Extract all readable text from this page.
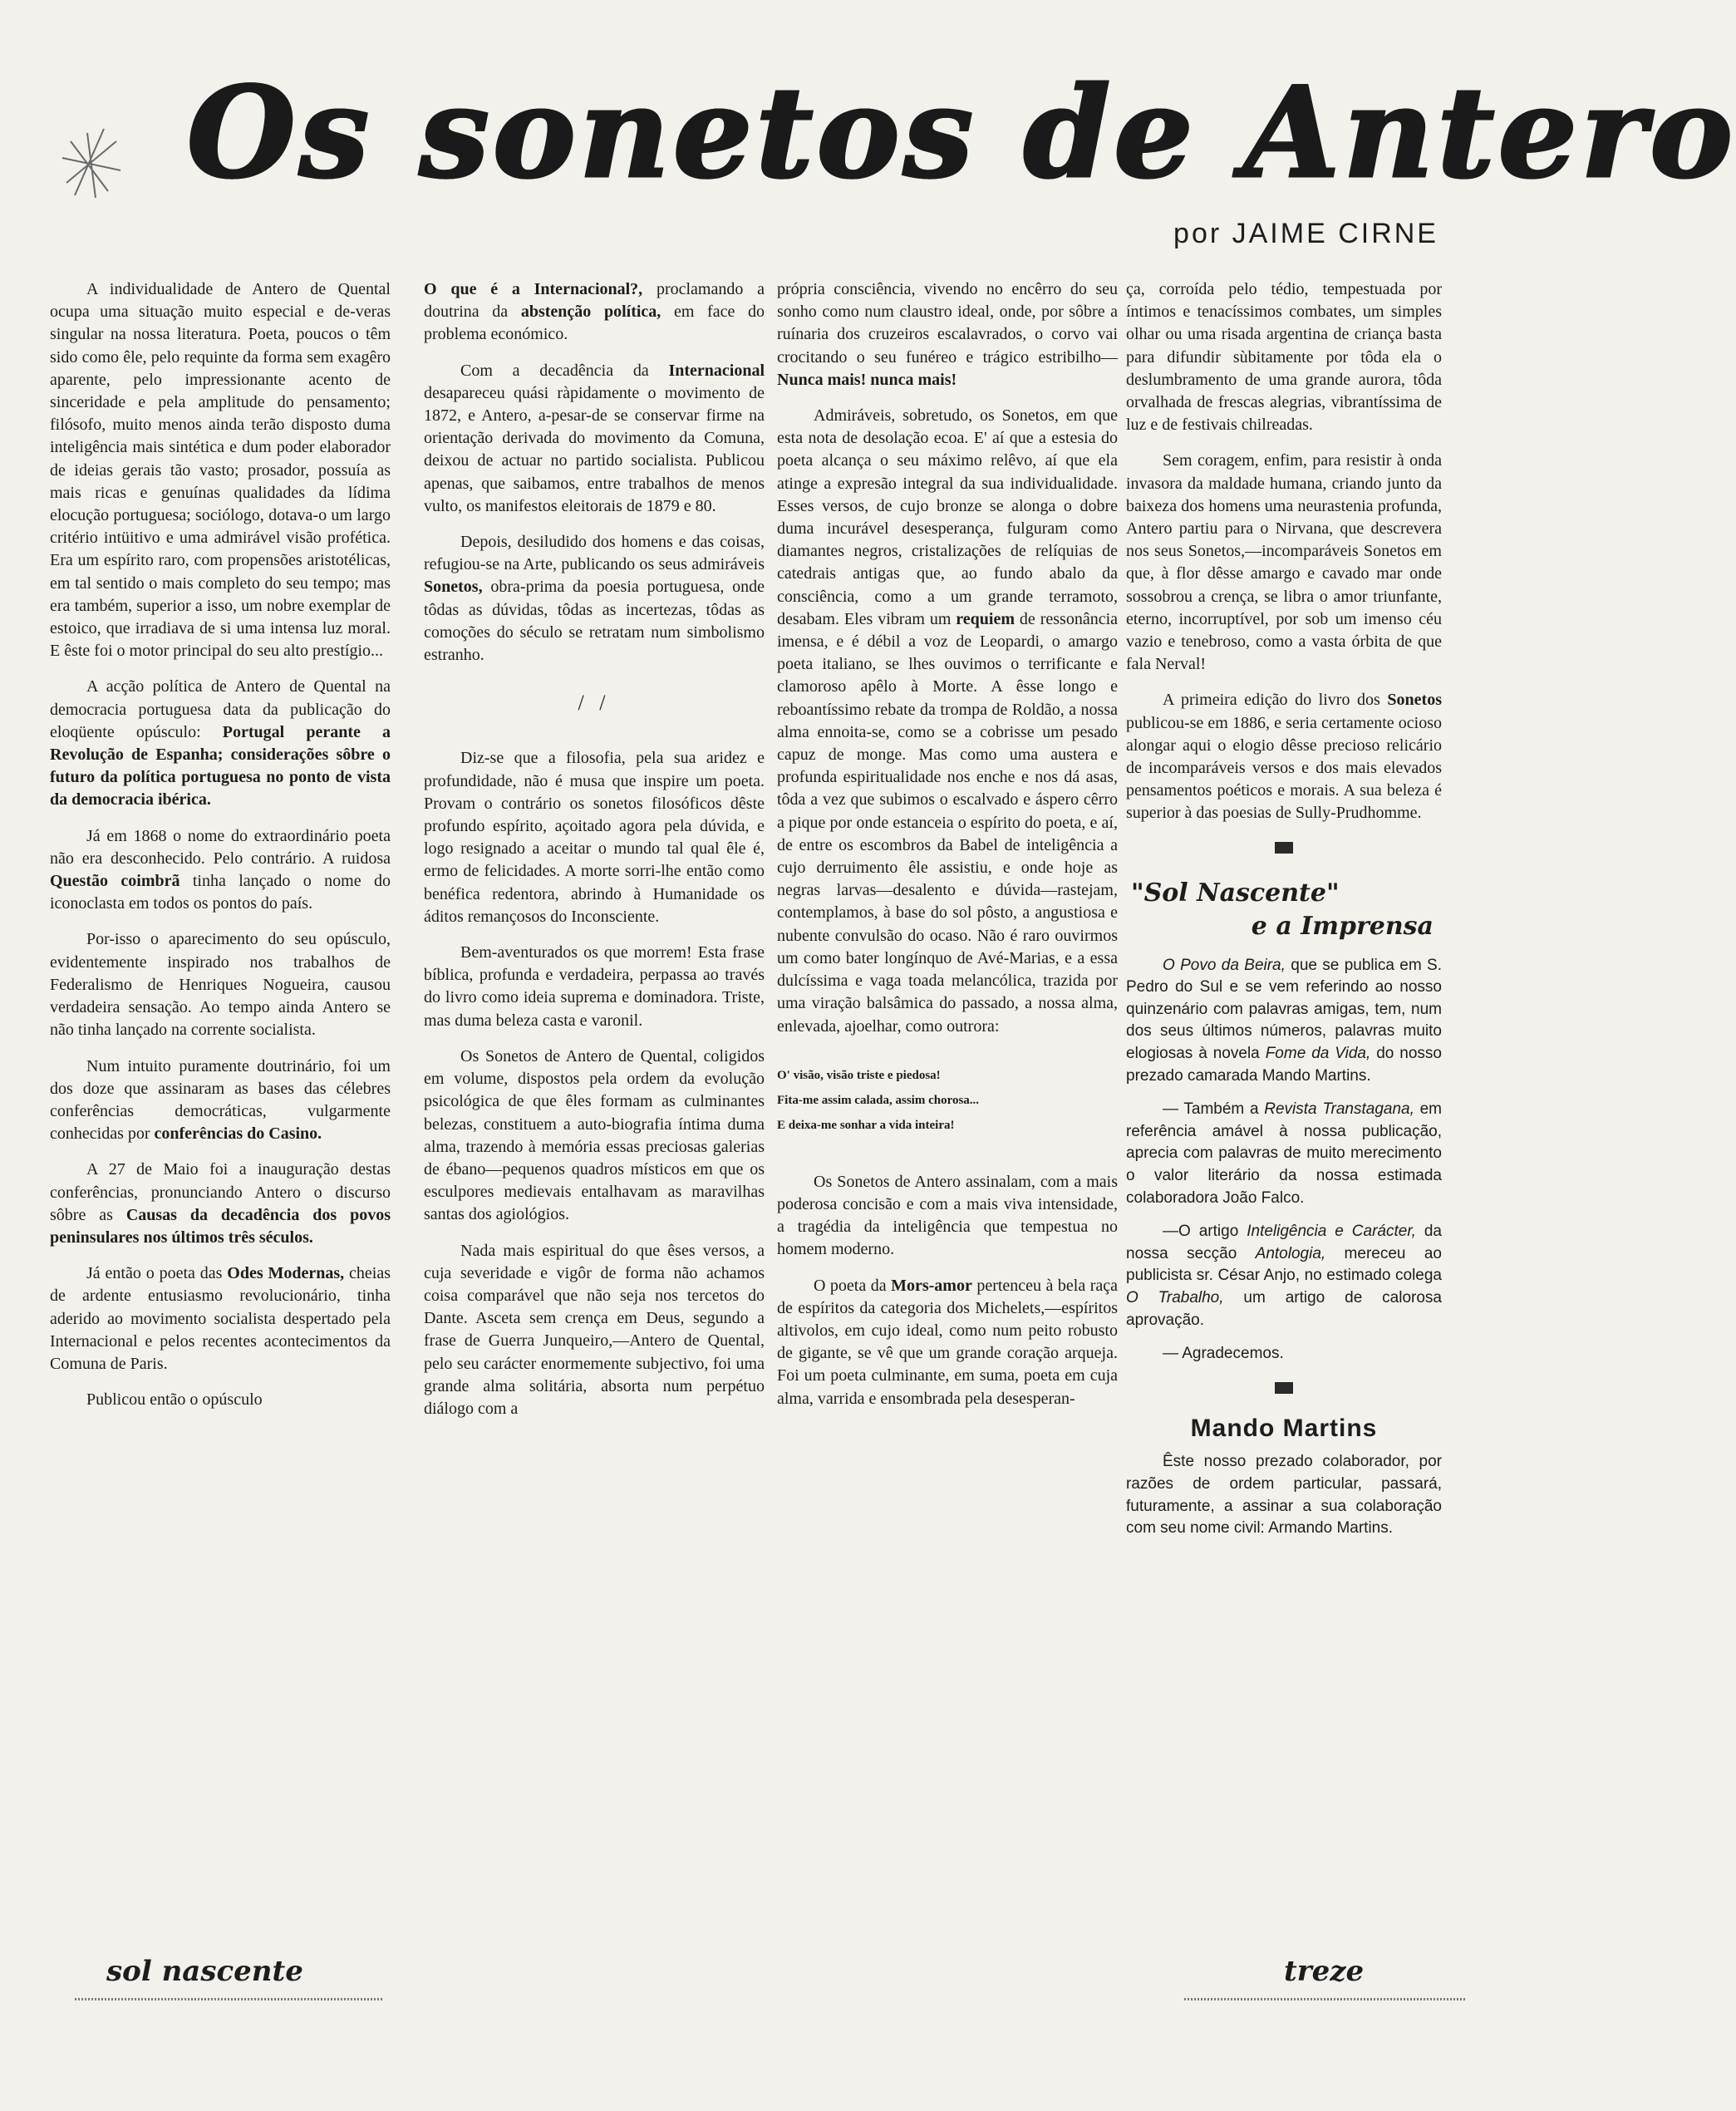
Os sonetos de Antero
por JAIME CIRNE

A individualidade de Antero de Quental ocupa uma situação muito especial e de-veras singular na nossa literatura. Poeta, poucos o têm sido como êle, pelo requinte da forma sem exagêro aparente, pelo impressionante acento de sinceridade e pela amplitude do pensamento; filósofo, muito menos ainda terão disposto duma inteligência mais sintética e dum poder elaborador de ideias gerais tão vasto; prosador, possuía as mais ricas e genuínas qualidades da lídima elocução portuguesa; sociólogo, dotava-o um largo critério intüitivo e uma admirável visão profética. Era um espírito raro, com propensões aristotélicas, em tal sentido o mais completo do seu tempo; mas era também, superior a isso, um nobre exemplar de estoico, que irradiava de si uma intensa luz moral. E êste foi o motor principal do seu alto prestígio...

A acção política de Antero de Quental na democracia portuguesa data da publicação do eloqüente opúsculo: Portugal perante a Revolução de Espanha; considerações sôbre o futuro da política portuguesa no ponto de vista da democracia ibérica.

Já em 1868 o nome do extraordinário poeta não era desconhecido. Pelo contrário. A ruidosa Questão coimbrã tinha lançado o nome do iconoclasta em todos os pontos do país.

Por-isso o aparecimento do seu opúsculo, evidentemente inspirado nos trabalhos de Federalismo de Henriques Nogueira, causou verdadeira sensação. Ao tempo ainda Antero se não tinha lançado na corrente socialista.

Num intuito puramente doutrinário, foi um dos doze que assinaram as bases das célebres conferências democráticas, vulgarmente conhecidas por conferências do Casino.

A 27 de Maio foi a inauguração destas conferências, pronunciando Antero o discurso sôbre as Causas da decadência dos povos peninsulares nos últimos três séculos.

Já então o poeta das Odes Modernas, cheias de ardente entusiasmo revolucionário, tinha aderido ao movimento socialista despertado pela Internacional e pelos recentes acontecimentos da Comuna de Paris.

Publicou então o opúsculo

O que é a Internacional?, proclamando a doutrina da abstenção política, em face do problema económico.

Com a decadência da Internacional desapareceu quási ràpidamente o movimento de 1872, e Antero, a-pesar-de se conservar firme na orientação derivada do movimento da Comuna, deixou de actuar no partido socialista. Publicou apenas, que saibamos, entre trabalhos de menos vulto, os manifestos eleitorais de 1879 e 80.

Depois, desiludido dos homens e das coisas, refugiou-se na Arte, publicando os seus admiráveis Sonetos, obra-prima da poesia portuguesa, onde tôdas as dúvidas, tôdas as incertezas, tôdas as comoções do século se retratam num simbolismo estranho.

/ /

Diz-se que a filosofia, pela sua aridez e profundidade, não é musa que inspire um poeta. Provam o contrário os sonetos filosóficos dêste profundo espírito, açoitado agora pela dúvida, e logo resignado a aceitar o mundo tal qual êle é, ermo de felicidades. A morte sorri-lhe então como benéfica redentora, abrindo à Humanidade os áditos remançosos do Inconsciente.

Bem-aventurados os que morrem! Esta frase bíblica, profunda e verdadeira, perpassa ao través do livro como ideia suprema e dominadora. Triste, mas duma beleza casta e varonil.

Os Sonetos de Antero de Quental, coligidos em volume, dispostos pela ordem da evolução psicológica de que êles formam as culminantes belezas, constituem a auto-biografia íntima duma alma, trazendo à memória essas preciosas galerias de ébano—pequenos quadros místicos em que os esculpores medievais entalhavam as maravilhas santas dos agiológios.

Nada mais espiritual do que êses versos, a cuja severidade e vigôr de forma não achamos coisa comparável que não seja nos tercetos do Dante. Asceta sem crença em Deus, segundo a frase de Guerra Junqueiro,—Antero de Quental, pelo seu carácter enormemente subjectivo, foi uma grande alma solitária, absorta num perpétuo diálogo com a

própria consciência, vivendo no encêrro do seu sonho como num claustro ideal, onde, por sôbre a ruínaria dos cruzeiros escalavrados, o corvo vai crocitando o seu funéreo e trágico estribilho—Nunca mais! nunca mais!

Admiráveis, sobretudo, os Sonetos, em que esta nota de desolação ecoa. E' aí que a estesia do poeta alcança o seu máximo relêvo, aí que ela atinge a expresão integral da sua individualidade. Esses versos, de cujo bronze se alonga o dobre duma incurável desesperança, fulguram como diamantes negros, cristalizações de relíquias de catedrais antigas que, ao fundo abalo da consciência, como a um grande terramoto, desabam. Eles vibram um requiem de ressonância imensa, e é débil a voz de Leopardi, o amargo poeta italiano, se lhes ouvimos o terrificante e clamoroso apêlo à Morte. A êsse longo e reboantíssimo rebate da trompa de Roldão, a nossa alma ennoita-se, como se a cobrisse um pesado capuz de monge. Mas como uma austera e profunda espiritualidade nos enche e nos dá asas, tôda a vez que subimos o escalvado e áspero cêrro a pique por onde estanceia o espírito do poeta, e aí, de entre os escombros da Babel de inteligência a cujo derruimento êle assistiu, e onde hoje as negras larvas—desalento e dúvida—rastejam, contemplamos, à base do sol pôsto, a angustiosa e nubente convulsão do ocaso. Não é raro ouvirmos um como bater longínquo de Avé-Marias, e a essa dulcíssima e vaga toada melancólica, trazida por uma viração balsâmica do passado, a nossa alma, enlevada, ajoelhar, como outrora:

O' visão, visão triste e piedosa!
Fita-me assim calada, assim chorosa...
E deixa-me sonhar a vida inteira!

Os Sonetos de Antero assinalam, com a mais poderosa concisão e com a mais viva intensidade, a tragédia da inteligência que tempestua no homem moderno.

O poeta da Mors-amor pertenceu à bela raça de espíritos da categoria dos Michelets,—espíritos altivolos, em cujo ideal, como num peito robusto de gigante, se vê que um grande coração arqueja. Foi um poeta culminante, em suma, poeta em cuja alma, varrida e ensombrada pela desesperan-

ça, corroída pelo tédio, tempestuada por íntimos e tenacíssimos combates, um simples olhar ou uma risada argentina de criança basta para difundir sùbitamente por tôda ela o deslumbramento de uma grande aurora, tôda orvalhada de frescas alegrias, vibrantíssima de luz e de festivais chilreadas.

Sem coragem, enfim, para resistir à onda invasora da maldade humana, criando junto da baixeza dos homens uma neurastenia profunda, Antero partiu para o Nirvana, que descrevera nos seus Sonetos,—incomparáveis Sonetos em que, à flor dêsse amargo e cavado mar onde sossobrou a crença, se libra o amor triunfante, eterno, incorruptível, por sob um imenso céu vazio e tenebroso, como a vasta órbita de que fala Nerval!

A primeira edição do livro dos Sonetos publicou-se em 1886, e seria certamente ocioso alongar aqui o elogio dêsse precioso relicário de incomparáveis versos e dos mais elevados pensamentos poéticos e morais. A sua beleza é superior à das poesias de Sully-Prudhomme.

"Sol Nascente"
e a Imprensa

O Povo da Beira, que se publica em S. Pedro do Sul e se vem referindo ao nosso quinzenário com palavras amigas, tem, num dos seus últimos números, palavras muito elogiosas à novela Fome da Vida, do nosso prezado camarada Mando Martins.

— Também a Revista Transtagana, em referência amável à nossa publicação, aprecia com palavras de muito merecimento o valor literário da nossa estimada colaboradora João Falco.

—O artigo Inteligência e Carácter, da nossa secção Antologia, mereceu ao publicista sr. César Anjo, no estimado colega O Trabalho, um artigo de calorosa aprovação.

— Agradecemos.

Mando Martins

Êste nosso prezado colaborador, por razões de ordem particular, passará, futuramente, a assinar a sua colaboração com seu nome civil: Armando Martins.

sol nascente	treze
